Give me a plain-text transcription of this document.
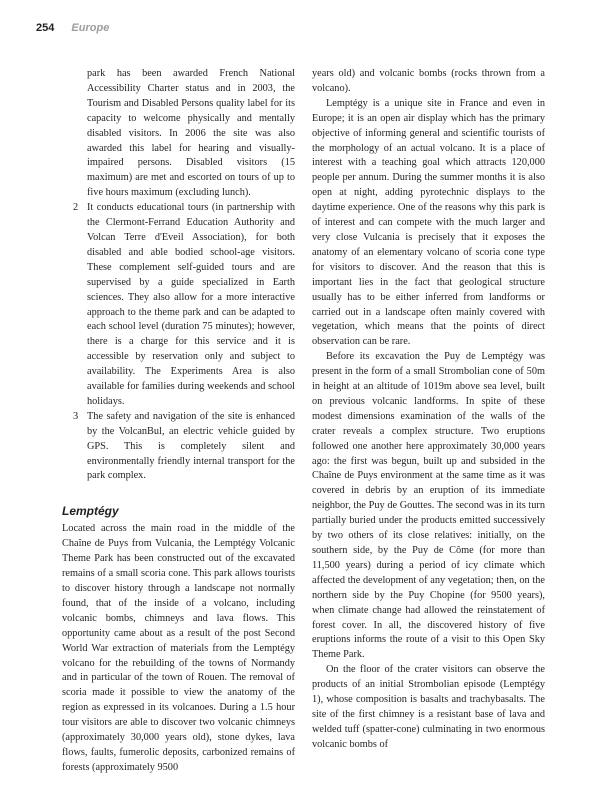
254 Europe

park has been awarded French National Accessibility Charter status and in 2003, the Tourism and Disabled Persons quality label for its capacity to welcome physically and mentally disabled visitors. In 2006 the site was also awarded this label for hearing and visually-impaired persons. Disabled visitors (15 maximum) are met and escorted on tours of up to five hours maximum (excluding lunch).

2 It conducts educational tours (in partnership with the Clermont-Ferrand Education Authority and Volcan Terre d'Eveil Association), for both disabled and able bodied school-age visitors. These complement self-guided tours and are supervised by a guide specialized in Earth sciences. They also allow for a more interactive approach to the theme park and can be adapted to each school level (duration 75 minutes); however, there is a charge for this service and it is accessible by reservation only and subject to availability. The Experiments Area is also available for families during weekends and school holidays.

3 The safety and navigation of the site is enhanced by the VolcanBul, an electric vehicle guided by GPS. This is completely silent and environmentally friendly internal transport for the park complex.

Lemptégy

Located across the main road in the middle of the Chaîne de Puys from Vulcania, the Lemptégy Volcanic Theme Park has been constructed out of the excavated remains of a small scoria cone. This park allows tourists to discover history through a landscape not normally found, that of the inside of a volcano, including volcanic bombs, chimneys and lava flows. This opportunity came about as a result of the post Second World War extraction of materials from the Lemptégy volcano for the rebuilding of the towns of Normandy and in particular of the town of Rouen. The removal of scoria made it possible to view the anatomy of the region as expressed in its volcanoes. During a 1.5 hour tour visitors are able to discover two volcanic chimneys (approximately 30,000 years old), stone dykes, lava flows, faults, fumerolic deposits, carbonized remains of forests (approximately 9500

years old) and volcanic bombs (rocks thrown from a volcano).

Lemptégy is a unique site in France and even in Europe; it is an open air display which has the primary objective of informing general and scientific tourists of the morphology of an actual volcano. It is a place of interest with a teaching goal which attracts 120,000 people per annum. During the summer months it is also open at night, adding pyrotechnic displays to the daytime experience. One of the reasons why this park is of interest and can compete with the much larger and very close Vulcania is precisely that it exposes the anatomy of an elementary volcano of scoria cone type for visitors to discover. And the reason that this is important lies in the fact that geological structure usually has to be either inferred from landforms or carried out in a landscape often mainly covered with vegetation, which means that the points of direct observation can be rare.

Before its excavation the Puy de Lemptégy was present in the form of a small Strombolian cone of 50m in height at an altitude of 1019m above sea level, built on previous volcanic landforms. In spite of these modest dimensions examination of the walls of the crater reveals a complex structure. Two eruptions followed one another here approximately 30,000 years ago: the first was begun, built up and subsided in the Chaîne de Puys environment at the same time as it was covered in debris by an eruption of its immediate neighbor, the Puy de Gouttes. The second was in its turn partially buried under the products emitted successively by two others of its close relatives: initially, on the southern side, by the Puy de Côme (for more than 11,500 years) during a period of icy climate which affected the development of any vegetation; then, on the northern side by the Puy Chopine (for 9500 years), when climate change had allowed the reinstatement of forest cover. In all, the discovered history of five eruptions informs the route of a visit to this Open Sky Theme Park.

On the floor of the crater visitors can observe the products of an initial Strombolian episode (Lemptégy 1), whose composition is basalts and trachybasalts. The site of the first chimney is a resistant base of lava and welded tuff (spatter-cone) culminating in two enormous volcanic bombs of
